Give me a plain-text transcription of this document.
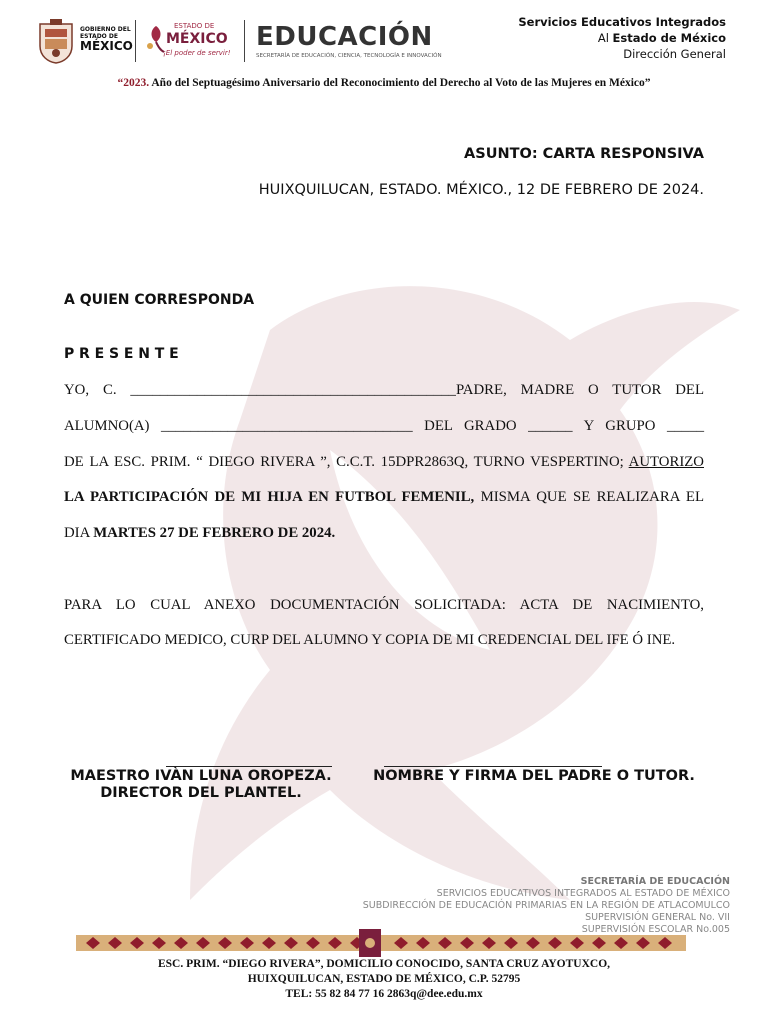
GOBIERNO DEL
ESTADO DE
MÉXICO
ESTADO DE
MÉXICO
¡El poder de servir!
EDUCACIÓN
SECRETARÍA DE EDUCACIÓN, CIENCIA, TECNOLOGÍA E INNOVACIÓN
Servicios Educativos Integrados
Al Estado de México
Dirección General
“2023. Año del Septuagésimo Aniversario del Reconocimiento del Derecho al Voto de las Mujeres en México”
ASUNTO: CARTA RESPONSIVA
HUIXQUILUCAN, ESTADO. MÉXICO., 12 DE FEBRERO DE 2024.
A QUIEN CORRESPONDA
PRESENTE
YO, C. ____________________________________________PADRE, MADRE O TUTOR DEL
ALUMNO(A) __________________________________ DEL GRADO ______ Y GRUPO _____
DE LA ESC. PRIM. “ DIEGO RIVERA ”, C.C.T. 15DPR2863Q, TURNO VESPERTINO; AUTORIZO
LA PARTICIPACIÓN DE MI HIJA EN FUTBOL FEMENIL, MISMA QUE SE REALIZARA EL
DIA MARTES 27 DE FEBRERO DE 2024.
PARA LO CUAL ANEXO DOCUMENTACIÓN SOLICITADA: ACTA DE NACIMIENTO,
CERTIFICADO MEDICO, CURP DEL ALUMNO Y COPIA DE MI CREDENCIAL DEL IFE Ó INE.
MAESTRO IVÀN LUNA OROPEZA.
DIRECTOR DEL PLANTEL.
NOMBRE Y FIRMA DEL PADRE O TUTOR.
SECRETARÍA DE EDUCACIÓN
SERVICIOS EDUCATIVOS INTEGRADOS AL ESTADO DE MÉXICO
SUBDIRECCIÓN DE EDUCACIÓN PRIMARIAS EN LA REGIÓN DE ATLACOMULCO
SUPERVISIÓN GENERAL No. VII
SUPERVISIÓN ESCOLAR No.005
ESC. PRIM. “DIEGO RIVERA”, DOMICILIO CONOCIDO, SANTA CRUZ AYOTUXCO,
HUIXQUILUCAN, ESTADO DE MÉXICO, C.P. 52795
TEL: 55 82 84 77 16 2863q@dee.edu.mx
